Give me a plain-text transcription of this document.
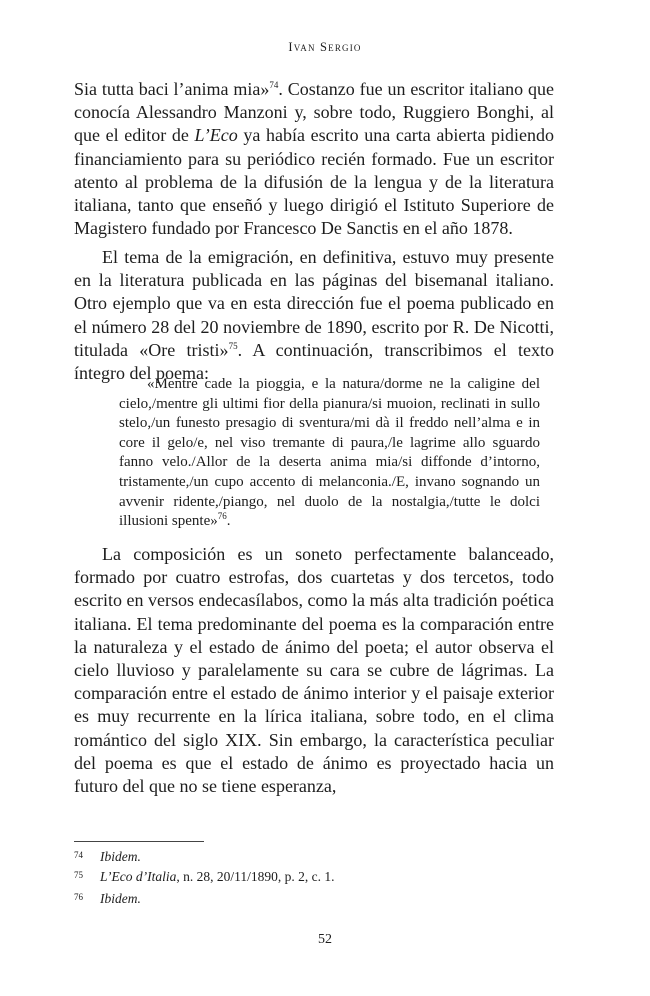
Ivan Sergio

Sia tutta baci l’anima mia»$^{74}$. Costanzo fue un escritor italiano que conocía Alessandro Manzoni y, sobre todo, Ruggiero Bonghi, al que el editor de L’Eco ya había escrito una carta abierta pidiendo financiamiento para su periódico recién formado. Fue un escritor atento al problema de la difusión de la lengua y de la literatura italiana, tanto que enseñó y luego dirigió el Istituto Superiore de Magistero fundado por Francesco De Sanctis en el año 1878.

El tema de la emigración, en definitiva, estuvo muy presente en la literatura publicada en las páginas del bisemanal italiano. Otro ejemplo que va en esta dirección fue el poema publicado en el número 28 del 20 noviembre de 1890, escrito por R. De Nicotti, titulada «Ore tristi»$^{75}$. A continuación, transcribimos el texto íntegro del poema:

«Mentre cade la pioggia, e la natura/dorme ne la caligine del cielo,/mentre gli ultimi fior della pianura/si muoion, reclinati in sullo stelo,/un funesto presagio di sventura/mi dà il freddo nell’alma e in core il gelo/e, nel viso tremante di paura,/le lagrime allo sguardo fanno velo./Allor de la deserta anima mia/si diffonde d’intorno, tristamente,/un cupo accento di melanconia./E, invano sognando un avvenir ridente,/piango, nel duolo de la nostalgia,/tutte le dolci illusioni spente»$^{76}$.

La composición es un soneto perfectamente balanceado, formado por cuatro estrofas, dos cuartetas y dos tercetos, todo escrito en versos endecasílabos, como la más alta tradición poética italiana. El tema predominante del poema es la comparación entre la naturaleza y el estado de ánimo del poeta; el autor observa el cielo lluvioso y paralelamente su cara se cubre de lágrimas. La comparación entre el estado de ánimo interior y el paisaje exterior es muy recurrente en la lírica italiana, sobre todo, en el clima romántico del siglo XIX. Sin embargo, la característica peculiar del poema es que el estado de ánimo es proyectado hacia un futuro del que no se tiene esperanza,

74 Ibidem.
75 L’Eco d’Italia, n. 28, 20/11/1890, p. 2, c. 1.
76 Ibidem.
52
